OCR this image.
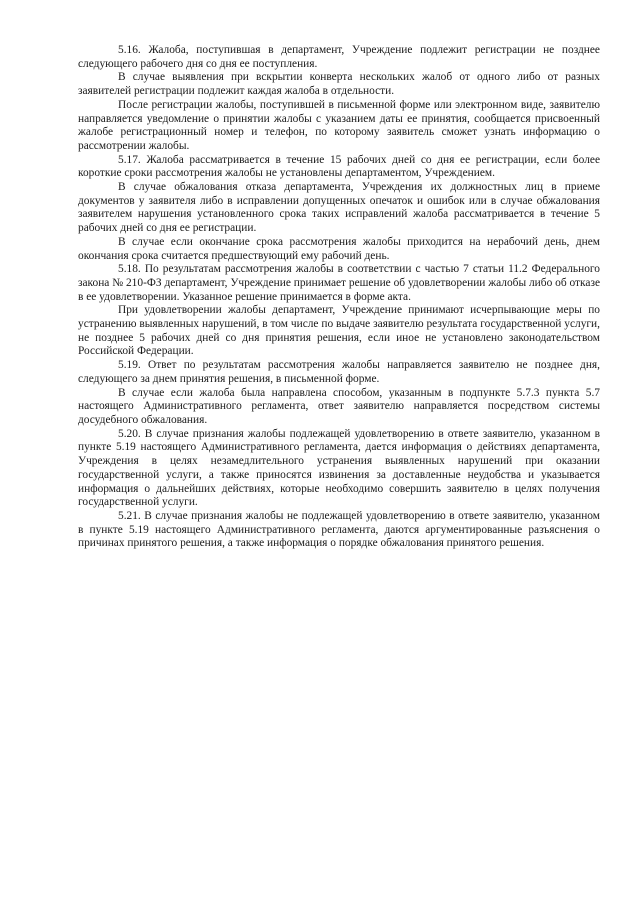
5.16. Жалоба, поступившая в департамент, Учреждение подлежит регистрации не позднее следующего рабочего дня со дня ее поступления.

В случае выявления при вскрытии конверта нескольких жалоб от одного либо от разных заявителей регистрации подлежит каждая жалоба в отдельности.

После регистрации жалобы, поступившей в письменной форме или электронном виде, заявителю направляется уведомление о принятии жалобы с указанием даты ее принятия, сообщается присвоенный жалобе регистрационный номер и телефон, по которому заявитель сможет узнать информацию о рассмотрении жалобы.

5.17. Жалоба рассматривается в течение 15 рабочих дней со дня ее регистрации, если более короткие сроки рассмотрения жалобы не установлены департаментом, Учреждением.

В случае обжалования отказа департамента, Учреждения их должностных лиц в приеме документов у заявителя либо в исправлении допущенных опечаток и ошибок или в случае обжалования заявителем нарушения установленного срока таких исправлений жалоба рассматривается в течение 5 рабочих дней со дня ее регистрации.

В случае если окончание срока рассмотрения жалобы приходится на нерабочий день, днем окончания срока считается предшествующий ему рабочий день.

5.18. По результатам рассмотрения жалобы в соответствии с частью 7 статьи 11.2 Федерального закона № 210-ФЗ департамент, Учреждение принимает решение об удовлетворении жалобы либо об отказе в ее удовлетворении. Указанное решение принимается в форме акта.

При удовлетворении жалобы департамент, Учреждение принимают исчерпывающие меры по устранению выявленных нарушений, в том числе по выдаче заявителю результата государственной услуги, не позднее 5 рабочих дней со дня принятия решения, если иное не установлено законодательством Российской Федерации.

5.19. Ответ по результатам рассмотрения жалобы направляется заявителю не позднее дня, следующего за днем принятия решения, в письменной форме.

В случае если жалоба была направлена способом, указанным в подпункте 5.7.3 пункта 5.7 настоящего Административного регламента, ответ заявителю направляется посредством системы досудебного обжалования.

5.20. В случае признания жалобы подлежащей удовлетворению в ответе заявителю, указанном в пункте 5.19 настоящего Административного регламента, дается информация о действиях департамента, Учреждения в целях незамедлительного устранения выявленных нарушений при оказании государственной услуги, а также приносятся извинения за доставленные неудобства и указывается информация о дальнейших действиях, которые необходимо совершить заявителю в целях получения государственной услуги.

5.21. В случае признания жалобы не подлежащей удовлетворению в ответе заявителю, указанном в пункте 5.19 настоящего Административного регламента, даются аргументированные разъяснения о причинах принятого решения, а также информация о порядке обжалования принятого решения.
